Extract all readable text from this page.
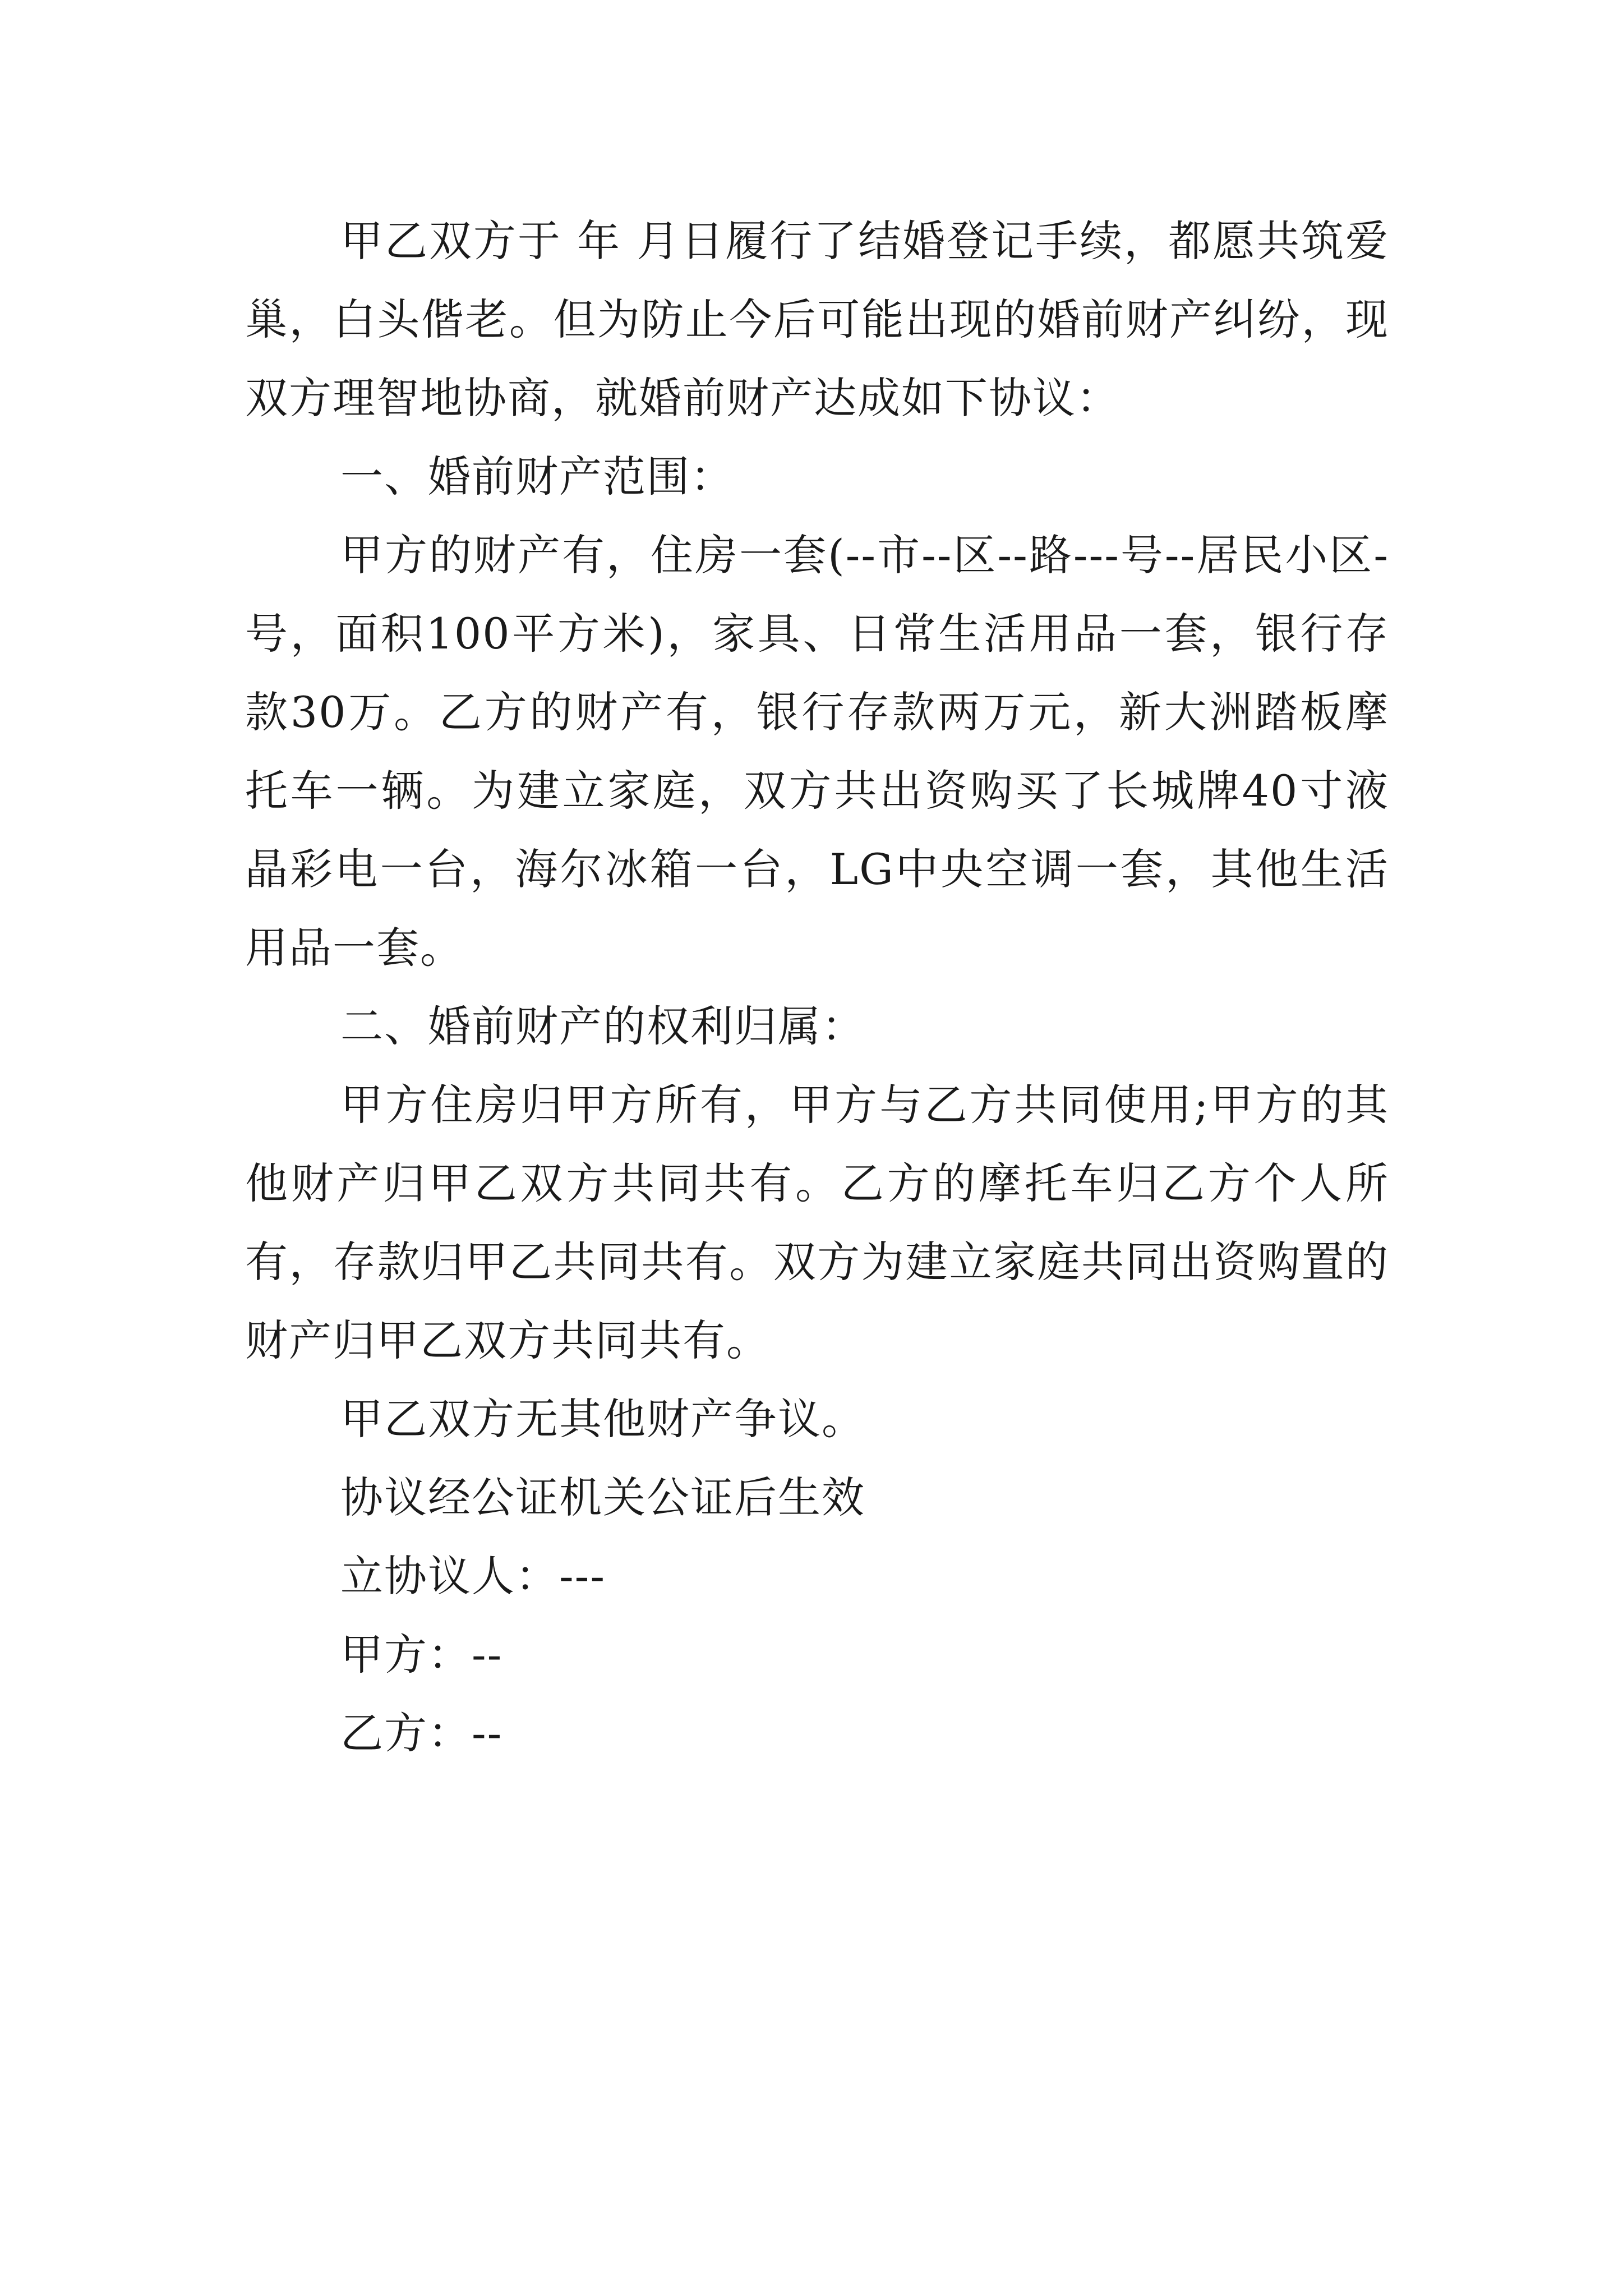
甲乙双方于 年 月日履行了结婚登记手续，都愿共筑爱巢，白头偕老。但为防止今后可能出现的婚前财产纠纷，现双方理智地协商，就婚前财产达成如下协议：

一、婚前财产范围：

甲方的财产有，住房一套(--市--区--路---号--居民小区-号，面积100平方米)，家具、日常生活用品一套，银行存款30万。乙方的财产有，银行存款两万元，新大洲踏板摩托车一辆。为建立家庭，双方共出资购买了长城牌40寸液晶彩电一台，海尔冰箱一台，LG中央空调一套，其他生活用品一套。

二、婚前财产的权利归属：

甲方住房归甲方所有，甲方与乙方共同使用;甲方的其他财产归甲乙双方共同共有。乙方的摩托车归乙方个人所有，存款归甲乙共同共有。双方为建立家庭共同出资购置的财产归甲乙双方共同共有。

甲乙双方无其他财产争议。

协议经公证机关公证后生效

立协议人：---

甲方：--

乙方：--
